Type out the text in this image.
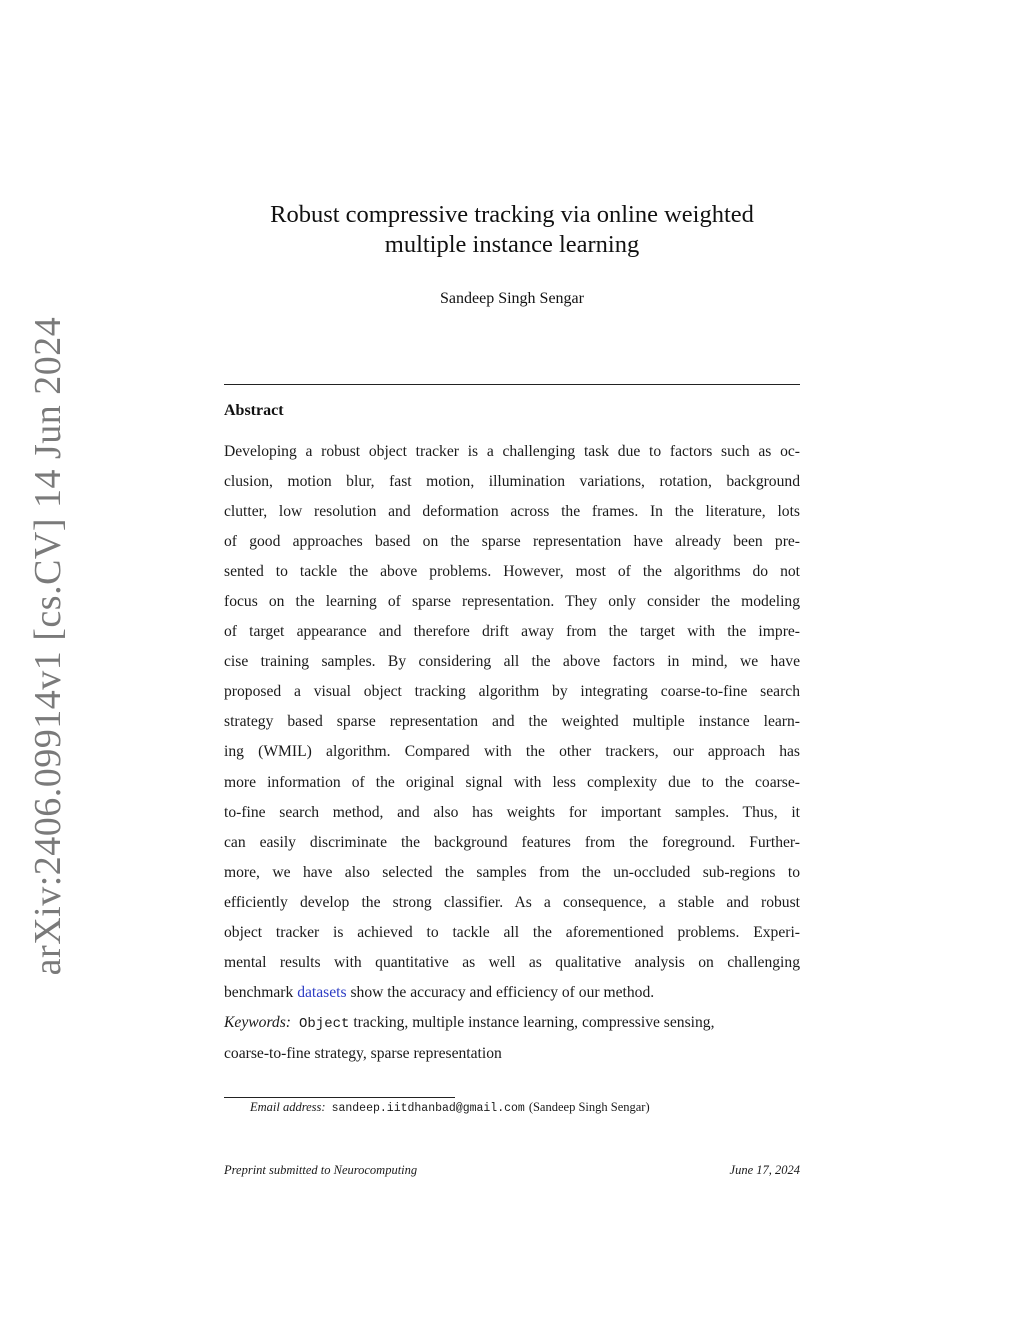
arXiv:2406.09914v1 [cs.CV] 14 Jun 2024
Robust compressive tracking via online weighted
multiple instance learning
Sandeep Singh Sengar
Abstract
Developing a robust object tracker is a challenging task due to factors such as oc-
clusion, motion blur, fast motion, illumination variations, rotation, background
clutter, low resolution and deformation across the frames. In the literature, lots
of good approaches based on the sparse representation have already been pre-
sented to tackle the above problems. However, most of the algorithms do not
focus on the learning of sparse representation. They only consider the modeling
of target appearance and therefore drift away from the target with the impre-
cise training samples. By considering all the above factors in mind, we have
proposed a visual object tracking algorithm by integrating coarse-to-fine search
strategy based sparse representation and the weighted multiple instance learn-
ing (WMIL) algorithm. Compared with the other trackers, our approach has
more information of the original signal with less complexity due to the coarse-
to-fine search method, and also has weights for important samples. Thus, it
can easily discriminate the background features from the foreground. Further-
more, we have also selected the samples from the un-occluded sub-regions to
efficiently develop the strong classifier. As a consequence, a stable and robust
object tracker is achieved to tackle all the aforementioned problems. Experi-
mental results with quantitative as well as qualitative analysis on challenging
benchmark datasets show the accuracy and efficiency of our method.
Keywords: Object tracking, multiple instance learning, compressive sensing,
coarse-to-fine strategy, sparse representation
Email address: sandeep.iitdhanbad@gmail.com (Sandeep Singh Sengar)
Preprint submitted to Neurocomputing	June 17, 2024
